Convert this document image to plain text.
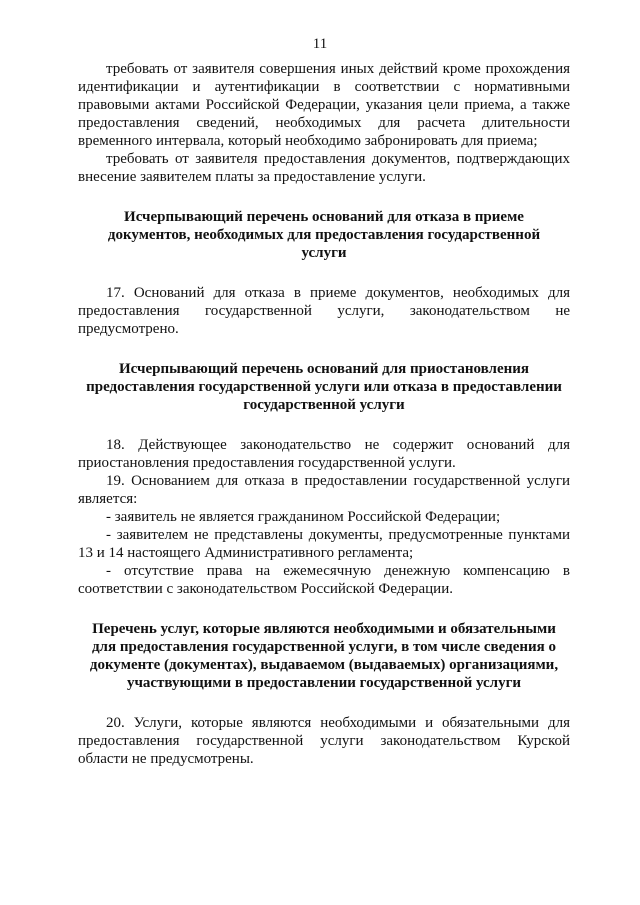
11

требовать от заявителя совершения иных действий кроме прохождения идентификации и аутентификации в соответствии с нормативными правовыми актами Российской Федерации, указания цели приема, а также предоставления сведений, необходимых для расчета длительности временного интервала, который необходимо забронировать для приема;

требовать от заявителя предоставления документов, подтверждающих внесение заявителем платы за предоставление услуги.

Исчерпывающий перечень оснований для отказа в приеме документов, необходимых для предоставления государственной услуги

17. Оснований для отказа в приеме документов, необходимых для предоставления государственной услуги, законодательством не предусмотрено.

Исчерпывающий перечень оснований для приостановления предоставления государственной услуги или отказа в предоставлении государственной услуги

18. Действующее законодательство не содержит оснований для приостановления предоставления государственной услуги.

19. Основанием для отказа в предоставлении государственной услуги является:

- заявитель не является гражданином Российской Федерации;

- заявителем не представлены документы, предусмотренные пунктами 13 и 14 настоящего Административного регламента;

- отсутствие права на ежемесячную денежную компенсацию в соответствии с законодательством Российской Федерации.

Перечень услуг, которые являются необходимыми и обязательными для предоставления государственной услуги, в том числе сведения о документе (документах), выдаваемом (выдаваемых) организациями, участвующими в предоставлении государственной услуги

20. Услуги, которые являются необходимыми и обязательными для предоставления государственной услуги законодательством Курской области не предусмотрены.
